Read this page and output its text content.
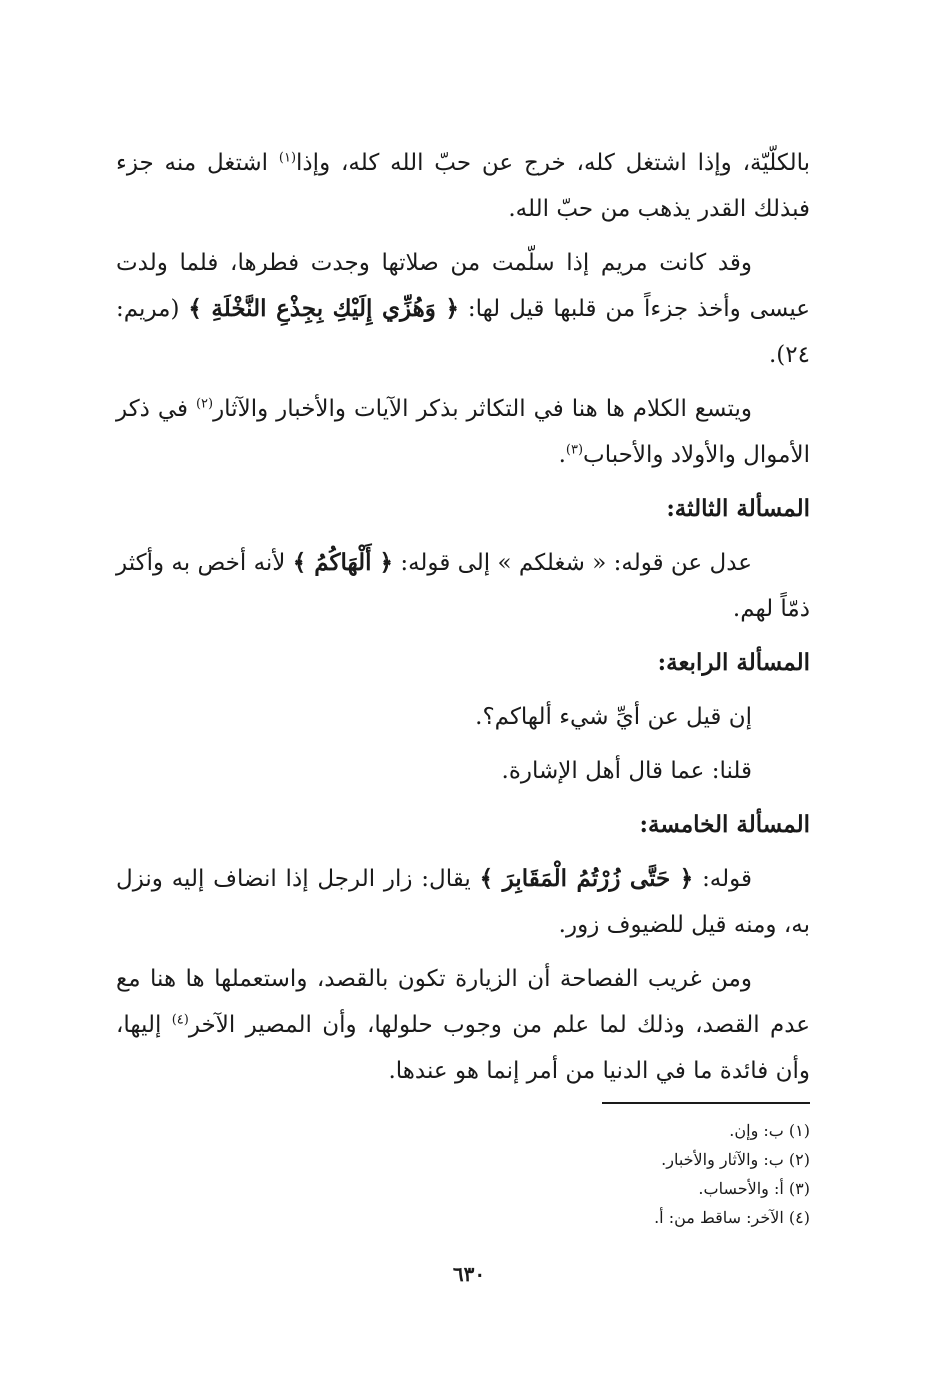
بالكلّيّة، وإذا اشتغل كله، خرج عن حبّ الله كله، وإذا$^{(١)}$ اشتغل منه جزء فبذلك القدر يذهب من حبّ الله.

وقد كانت مريم إذا سلّمت من صلاتها وجدت فطرها، فلما ولدت عيسى وأخذ جزءاً من قلبها قيل لها: ﴿ وَهُزِّي إِلَيْكِ بِجِذْعِ النَّخْلَةِ ﴾ (مريم: ٢٤).

ويتسع الكلام ها هنا في التكاثر بذكر الآيات والأخبار والآثار$^{(٢)}$ في ذكر الأموال والأولاد والأحباب$^{(٣)}$.

المسألة الثالثة:

عدل عن قوله: « شغلكم » إلى قوله: ﴿ أَلْهَاكُمُ ﴾ لأنه أخص به وأكثر ذمّاً لهم.

المسألة الرابعة:

إن قيل عن أيِّ شيء ألهاكم؟.

قلنا: عما قال أهل الإشارة.

المسألة الخامسة:

قوله: ﴿ حَتَّى زُرْتُمُ الْمَقَابِرَ ﴾ يقال: زار الرجل إذا انضاف إليه ونزل به، ومنه قيل للضيوف زور.

ومن غريب الفصاحة أن الزيارة تكون بالقصد، واستعملها ها هنا مع عدم القصد، وذلك لما علم من وجوب حلولها، وأن المصير الآخر$^{(٤)}$ إليها، وأن فائدة ما في الدنيا من أمر إنما هو عندها.

(١) ب: وإن.

(٢) ب: والآثار والأخبار.

(٣) أ: والأحساب.

(٤) الآخر: ساقط من: أ.

٦٣٠
